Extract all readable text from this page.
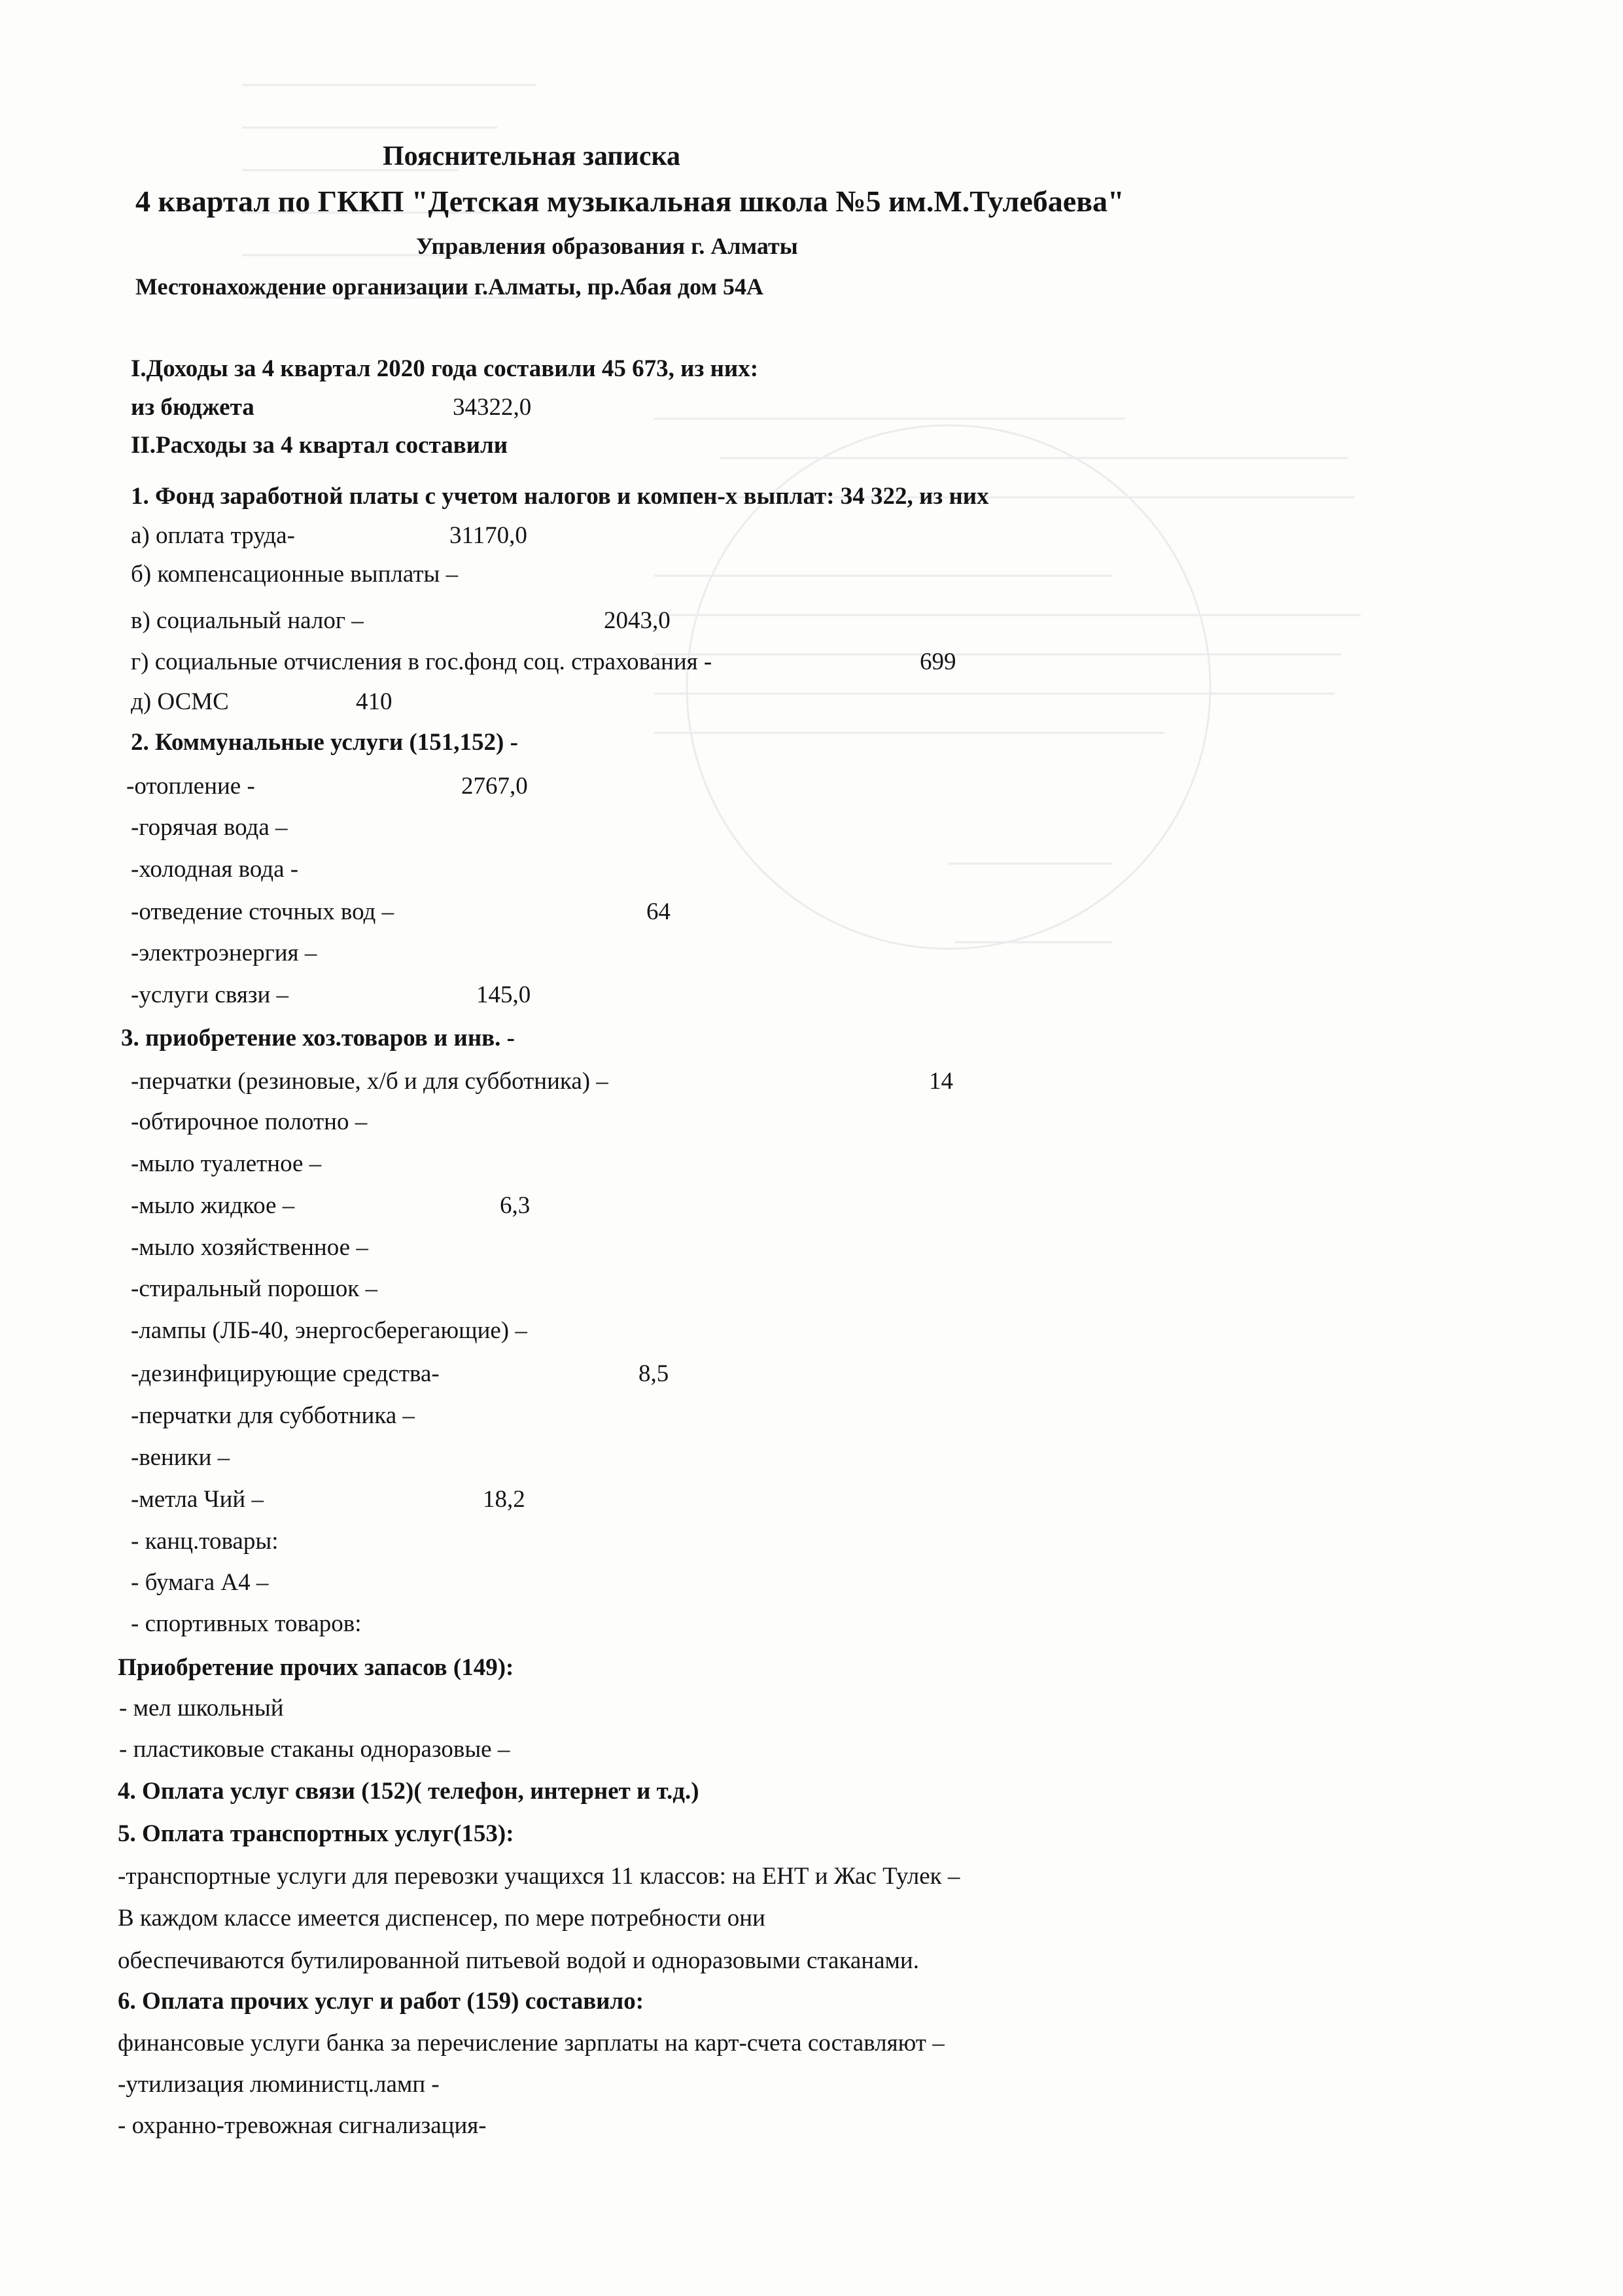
Пояснительная записка
4 квартал по ГККП "Детская музыкальная школа №5 им.М.Тулебаева"
Управления образования г. Алматы
Местонахождение организации г.Алматы, пр.Абая дом 54А
I.Доходы за 4 квартал 2020 года составили 45 673, из них:
из бюджета	34322,0
II.Расходы за 4 квартал составили
1. Фонд заработной платы с учетом налогов и компен-х выплат: 34 322, из них
а) оплата труда-	31170,0
б) компенсационные выплаты –
в) социальный налог –	2043,0
г) социальные отчисления в гос.фонд соц. страхования -	699
д) ОСМС	410
2. Коммунальные услуги (151,152) -
-отопление -	2767,0
-горячая вода –
-холодная вода -
-отведение сточных вод –	64
-электроэнергия –
-услуги связи –	145,0
3. приобретение хоз.товаров и инв. -
-перчатки (резиновые, х/б и для субботника) –	14
-обтирочное полотно –
-мыло туалетное –
-мыло жидкое –	6,3
-мыло хозяйственное –
-стиральный порошок –
-лампы (ЛБ-40, энергосберегающие) –
-дезинфицирующие средства-	8,5
-перчатки для субботника –
-веники –
-метла Чий –	18,2
- канц.товары:
- бумага А4 –
- спортивных товаров:
Приобретение прочих запасов (149):
- мел школьный
- пластиковые стаканы одноразовые –
4. Оплата услуг связи (152)( телефон, интернет и т.д.)
5. Оплата транспортных услуг(153):
-транспортные услуги для перевозки учащихся 11 классов: на ЕНТ и Жас Тулек –
В каждом классе имеется диспенсер, по мере потребности они
обеспечиваются бутилированной питьевой водой и одноразовыми стаканами.
6. Оплата прочих услуг и работ (159) составило:
финансовые услуги банка за перечисление зарплаты на карт-счета составляют –
-утилизация люминистц.ламп -
- охранно-тревожная сигнализация-
